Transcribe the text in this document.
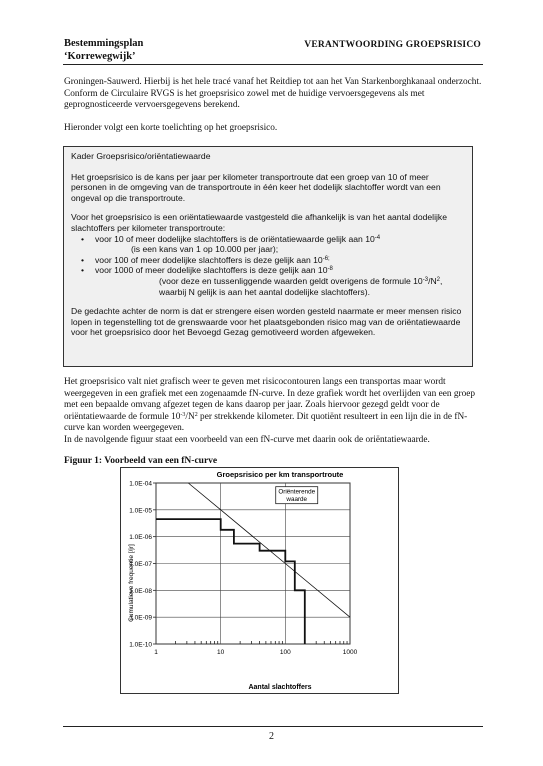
Bestemmingsplan
‘Korrewegwijk’
VERANTWOORDING GROEPSRISICO
Groningen-Sauwerd. Hierbij is het hele tracé vanaf het Reitdiep tot aan het Van Starkenborghkanaal onderzocht. Conform de Circulaire RVGS is het groepsrisico zowel met de huidige vervoersgegevens als met geprognosticeerde vervoersgegevens berekend.
Hieronder volgt een korte toelichting op het groepsrisico.
Kader Groepsrisico/oriëntatiewaarde

Het groepsrisico is de kans per jaar per kilometer transportroute dat een groep van 10 of meer personen in de omgeving van de transportroute in één keer het dodelijk slachtoffer wordt van een ongeval op die transportroute.

Voor het groepsrisico is een oriëntatiewaarde vastgesteld die afhankelijk is van het aantal dodelijke slachtoffers per kilometer transportroute:

• voor 10 of meer dodelijke slachtoffers is de oriëntatiewaarde gelijk aan $10^{-4}$
(is een kans van 1 op 10.000 per jaar);
• voor 100 of meer dodelijke slachtoffers is deze gelijk aan $10^{-6;}$
• voor 1000 of meer dodelijke slachtoffers is deze gelijk aan $10^{-8}$
(voor deze en tussenliggende waarden geldt overigens de formule $10^{-3}/N^2$,
waarbij N gelijk is aan het aantal dodelijke slachtoffers).

De gedachte achter de norm is dat er strengere eisen worden gesteld naarmate er meer mensen risico lopen in tegenstelling tot de grenswaarde voor het plaatsgebonden risico mag van de oriëntatiewaarde voor het groepsrisico door het Bevoegd Gezag gemotiveerd worden afgeweken.

Het groepsrisico valt niet grafisch weer te geven met risicocontouren langs een transportas maar wordt weergegeven in een grafiek met een zogenaamde fN-curve. In deze grafiek wordt het overlijden van een groep met een bepaalde omvang afgezet tegen de kans daarop per jaar. Zoals hiervoor gezegd geldt voor de oriëntatiewaarde de formule $10^{-3}/N^2$ per strekkende kilometer. Dit quotiënt resulteert in een lijn die in de fN-curve kan worden weergegeven.
In de navolgende figuur staat een voorbeeld van een fN-curve met daarin ook de oriëntatiewaarde.
Figuur 1: Voorbeeld van een fN-curve
Groepsrisico per km transportroute
1.0E-10
1.0E-09
1.0E-08
1.0E-07
1.0E-06
1.0E-05
1.0E-04
1	10	100	1000
Oriënterende
waarde
Aantal slachtoffers
Cumulatieve frequentie [/jr]
2
